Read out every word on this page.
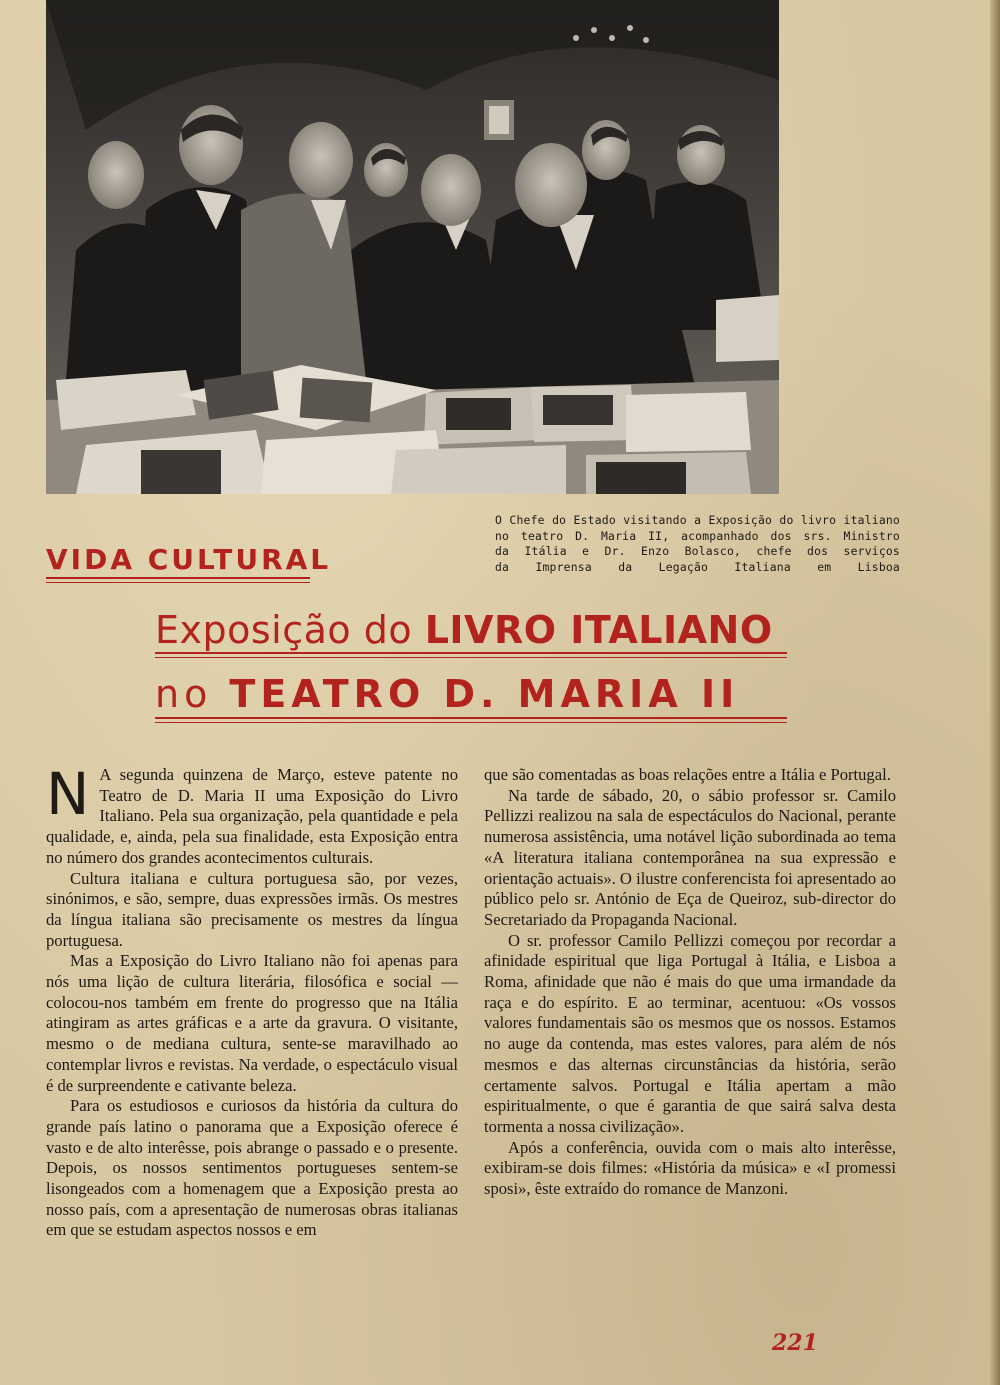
O Chefe do Estado visitando a Exposição do livro italiano
no teatro D. Maria II, acompanhado dos srs. Ministro
da Itália e Dr. Enzo Bolasco, chefe dos serviços
da Imprensa da Legação Italiana em Lisboa
VIDA CULTURAL
Exposição do LIVRO ITALIANO
no TEATRO D. MARIA II

N A segunda quinzena de Março, esteve patente no Teatro de D. Maria II uma Exposição do Livro Italiano. Pela sua organização, pela quantidade e pela qualidade, e, ainda, pela sua finalidade, esta Exposição entra no número dos grandes acontecimentos culturais.

Cultura italiana e cultura portuguesa são, por vezes, sinónimos, e são, sempre, duas expressões irmãs. Os mestres da língua italiana são precisamente os mestres da língua portuguesa.

Mas a Exposição do Livro Italiano não foi apenas para nós uma lição de cultura literária, filosófica e social — colocou-nos também em frente do progresso que na Itália atingiram as artes gráficas e a arte da gravura. O visitante, mesmo o de mediana cultura, sente-se maravilhado ao contemplar livros e revistas. Na verdade, o espectáculo visual é de surpreendente e cativante beleza.

Para os estudiosos e curiosos da história da cultura do grande país latino o panorama que a Exposição oferece é vasto e de alto interêsse, pois abrange o passado e o presente. Depois, os nossos sentimentos portugueses sentem-se lisongeados com a homenagem que a Exposição presta ao nosso país, com a apresentação de numerosas obras italianas em que se estudam aspectos nossos e em

que são comentadas as boas relações entre a Itália e Portugal.

Na tarde de sábado, 20, o sábio professor sr. Camilo Pellizzi realizou na sala de espectáculos do Nacional, perante numerosa assistência, uma notável lição subordinada ao tema «A literatura italiana contemporânea na sua expressão e orientação actuais». O ilustre conferencista foi apresentado ao público pelo sr. António de Eça de Queiroz, sub-director do Secretariado da Propaganda Nacional.

O sr. professor Camilo Pellizzi começou por recordar a afinidade espiritual que liga Portugal à Itália, e Lisboa a Roma, afinidade que não é mais do que uma irmandade da raça e do espírito. E ao terminar, acentuou: «Os vossos valores fundamentais são os mesmos que os nossos. Estamos no auge da contenda, mas estes valores, para além de nós mesmos e das alternas circunstâncias da história, serão certamente salvos. Portugal e Itália apertam a mão espiritualmente, o que é garantia de que sairá salva desta tormenta a nossa civilização».

Após a conferência, ouvida com o mais alto interêsse, exibiram-se dois filmes: «História da música» e «I promessi sposi», êste extraído do romance de Manzoni.

221
